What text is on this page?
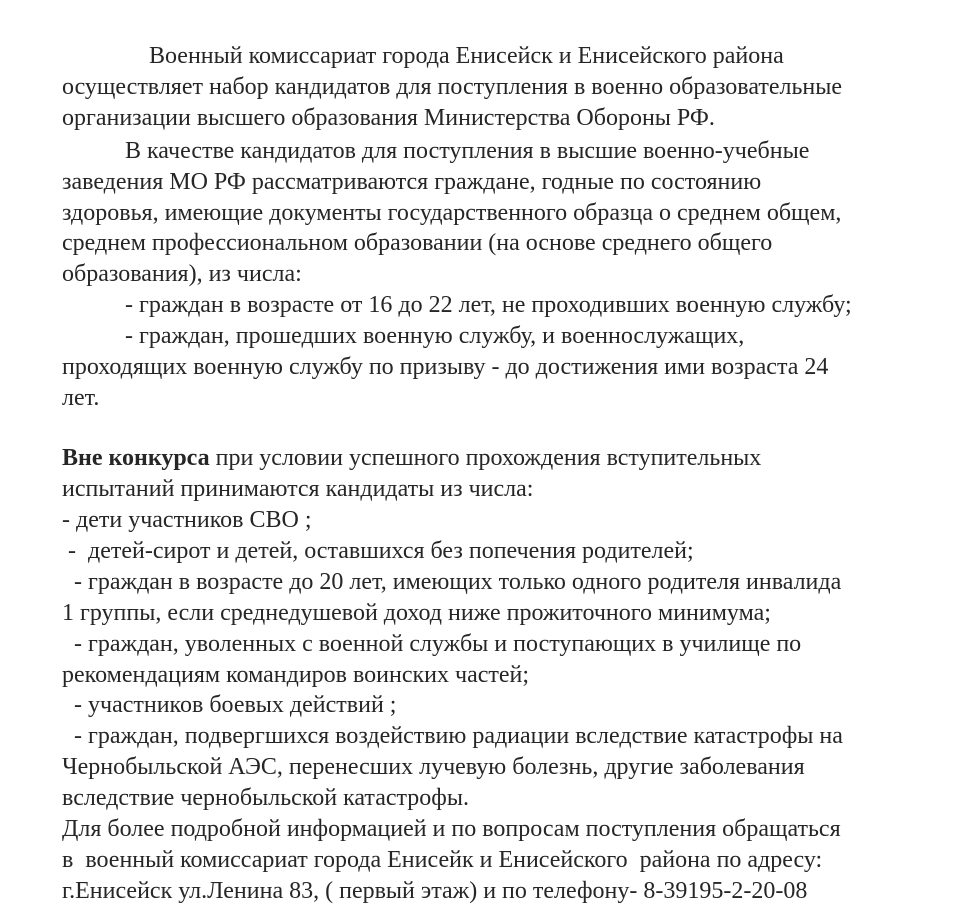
Военный комиссариат города Енисейск и Енисейского района
осуществляет набор кандидатов для поступления в военно образовательные
организации высшего образования Министерства Обороны РФ.
В качестве кандидатов для поступления в высшие военно-учебные
заведения МО РФ рассматриваются граждане, годные по состоянию
здоровья, имеющие документы государственного образца о среднем общем,
среднем профессиональном образовании (на основе среднего общего
образования), из числа:
- граждан в возрасте от 16 до 22 лет, не проходивших военную службу;
- граждан, прошедших военную службу, и военнослужащих,
проходящих военную службу по призыву - до достижения ими возраста 24
лет.
Вне конкурса при условии успешного прохождения вступительных
испытаний принимаются кандидаты из числа:
- дети участников СВО ;
-  детей-сирот и детей, оставшихся без попечения родителей;
- граждан в возрасте до 20 лет, имеющих только одного родителя инвалида
1 группы, если среднедушевой доход ниже прожиточного минимума;
- граждан, уволенных с военной службы и поступающих в училище по
рекомендациям командиров воинских частей;
- участников боевых действий ;
- граждан, подвергшихся воздействию радиации вследствие катастрофы на
Чернобыльской АЭС, перенесших лучевую болезнь, другие заболевания
вследствие чернобыльской катастрофы.
Для более подробной информацией и по вопросам поступления обращаться
в  военный комиссариат города Енисейк и Енисейского  района по адресу:
г.Енисейск ул.Ленина 83, ( первый этаж) и по телефону- 8-39195-2-20-08
